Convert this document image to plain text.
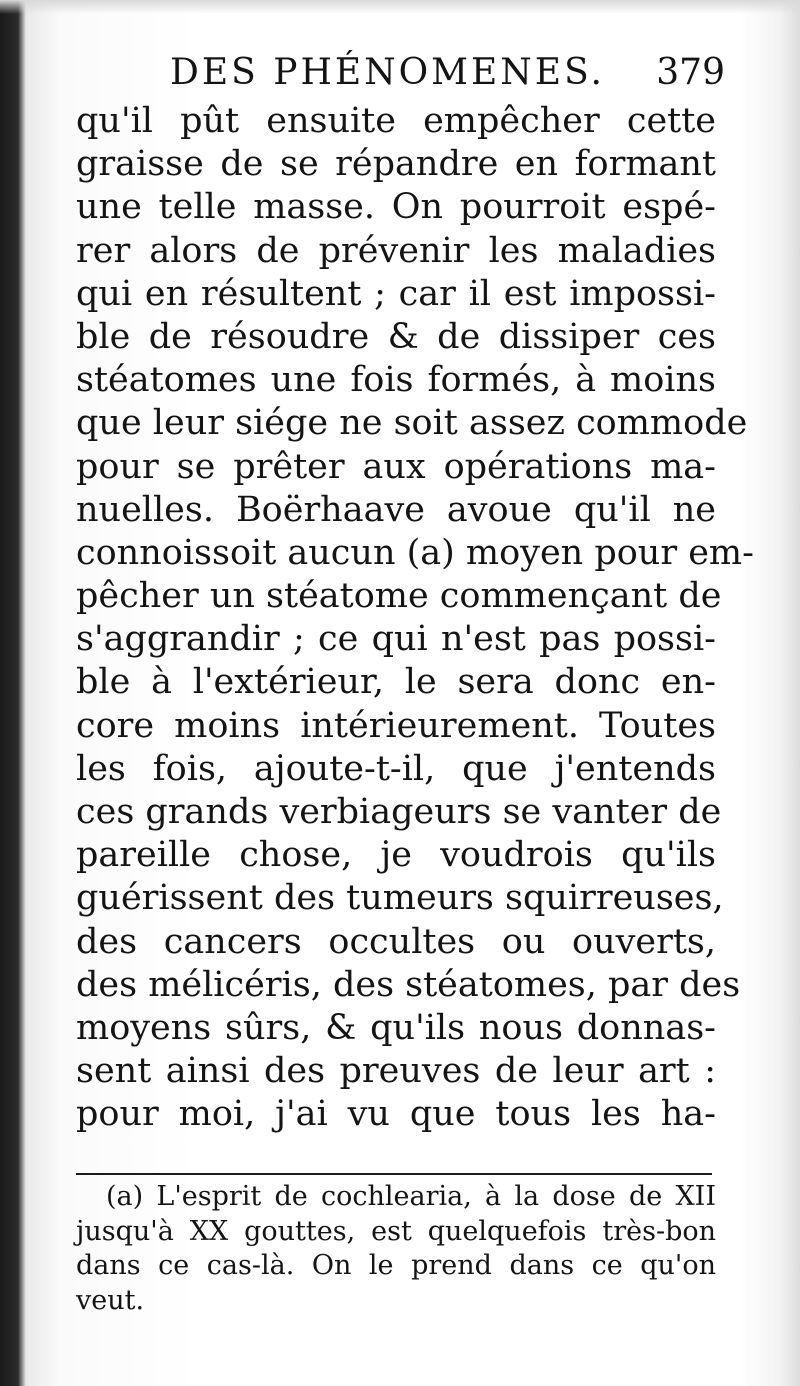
DES PHÉNOMENES. 379
qu'il pût ensuite empêcher cette
graisse de se répandre en formant
une telle masse. On pourroit espé-
rer alors de prévenir les maladies
qui en résultent ; car il est impossi-
ble de résoudre & de dissiper ces
stéatomes une fois formés, à moins
que leur siége ne soit assez commode
pour se prêter aux opérations ma-
nuelles. Boërhaave avoue qu'il ne
connoissoit aucun (a) moyen pour em-
pêcher un stéatome commençant de
s'aggrandir ; ce qui n'est pas possi-
ble à l'extérieur, le sera donc en-
core moins intérieurement. Toutes
les fois, ajoute-t-il, que j'entends
ces grands verbiageurs se vanter de
pareille chose, je voudrois qu'ils
guérissent des tumeurs squirreuses,
des cancers occultes ou ouverts,
des mélicéris, des stéatomes, par des
moyens sûrs, & qu'ils nous donnas-
sent ainsi des preuves de leur art :
pour moi, j'ai vu que tous les ha-
(a) L'esprit de cochlearia, à la dose de XII
jusqu'à XX gouttes, est quelquefois très-bon
dans ce cas-là. On le prend dans ce qu'on
veut.
